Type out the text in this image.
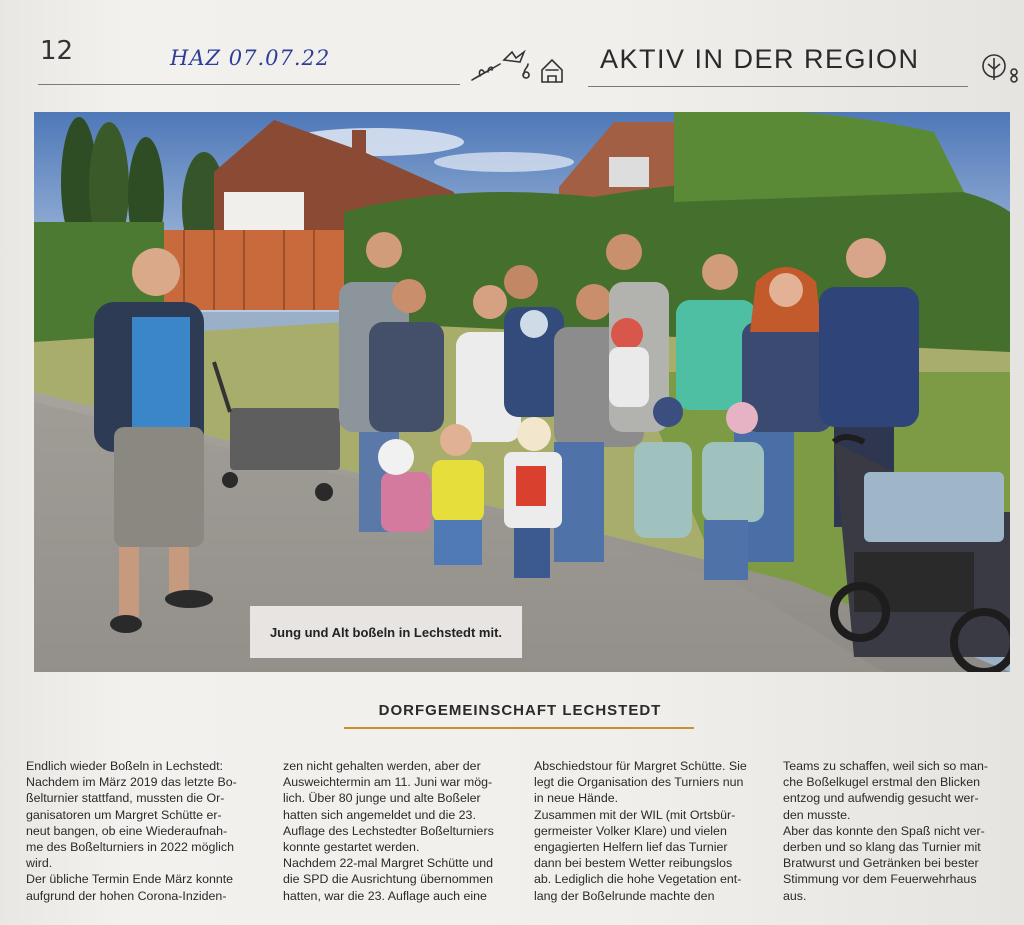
12	HAZ 07.07.22	AKTIV IN DER REGION
Jung und Alt boßeln in Lechstedt mit.
DORFGEMEINSCHAFT LECHSTEDT
Endlich wieder Boßeln in Lechstedt:
Nachdem im März 2019 das letzte Bo-
ßelturnier stattfand, mussten die Or-
ganisatoren um Margret Schütte er-
neut bangen, ob eine Wiederaufnah-
me des Boßelturniers in 2022 möglich
wird.
Der übliche Termin Ende März konnte
aufgrund der hohen Corona-Inziden-
zen nicht gehalten werden, aber der
Ausweichtermin am 11. Juni war mög-
lich. Über 80 junge und alte Boßeler
hatten sich angemeldet und die 23.
Auflage des Lechstedter Boßelturniers
konnte gestartet werden.
Nachdem 22-mal Margret Schütte und
die SPD die Ausrichtung übernommen
hatten, war die 23. Auflage auch eine
Abschiedstour für Margret Schütte. Sie
legt die Organisation des Turniers nun
in neue Hände.
Zusammen mit der WIL (mit Ortsbür-
germeister Volker Klare) und vielen
engagierten Helfern lief das Turnier
dann bei bestem Wetter reibungslos
ab. Lediglich die hohe Vegetation ent-
lang der Boßelrunde machte den
Teams zu schaffen, weil sich so man-
che Boßelkugel erstmal den Blicken
entzog und aufwendig gesucht wer-
den musste.
Aber das konnte den Spaß nicht ver-
derben und so klang das Turnier mit
Bratwurst und Getränken bei bester
Stimmung vor dem Feuerwehrhaus
aus.
